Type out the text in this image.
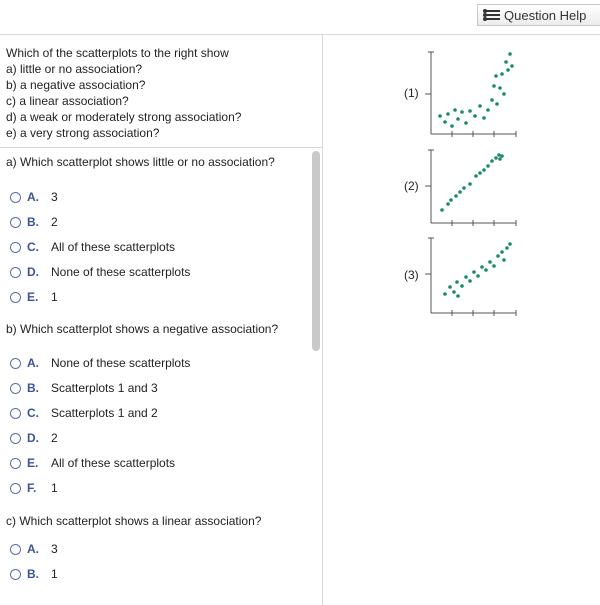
Question Help
Which of the scatterplots to the right show
a) little or no association?
b) a negative association?
c) a linear association?
d) a weak or moderately strong association?
e) a very strong association?
a) Which scatterplot shows little or no association?
A.	3
B.	2
C.	All of these scatterplots
D.	None of these scatterplots
E.	1
b) Which scatterplot shows a negative association?
A.	None of these scatterplots
B.	Scatterplots 1 and 3
C.	Scatterplots 1 and 2
D.	2
E.	All of these scatterplots
F.	1
c) Which scatterplot shows a linear association?
A.	3
B.	1
(1)
(2)
(3)
